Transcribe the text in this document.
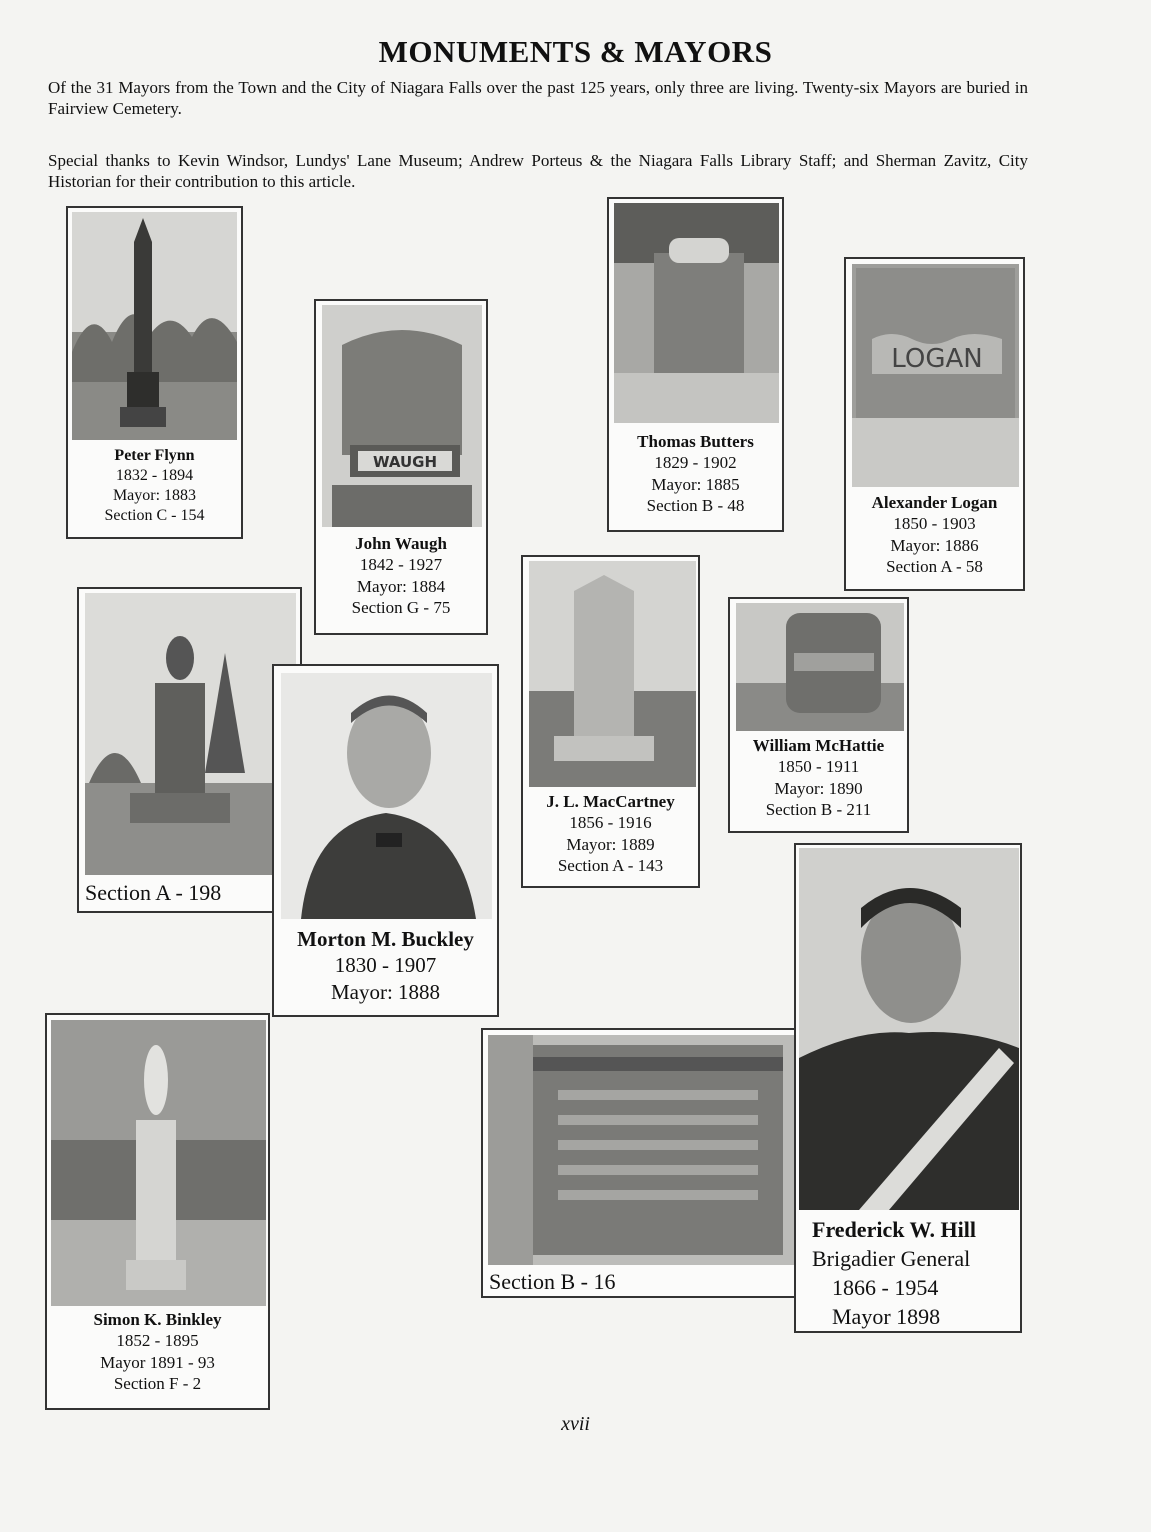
MONUMENTS & MAYORS
Of the 31 Mayors from the Town and the City of Niagara Falls over the past 125 years, only three are living. Twenty-six Mayors are buried in Fairview Cemetery.
Special thanks to Kevin Windsor, Lundys' Lane Museum; Andrew Porteus & the Niagara Falls Library Staff; and Sherman Zavitz, City Historian for their contribution to this article.
Peter Flynn
1832 - 1894
Mayor: 1883
Section C - 154
WAUGH
John Waugh
1842 - 1927
Mayor: 1884
Section G - 75
Thomas Butters
1829 - 1902
Mayor: 1885
Section B - 48
LOGAN
Alexander Logan
1850 - 1903
Mayor: 1886
Section A - 58
Section A - 198
Morton M. Buckley
1830 - 1907
Mayor: 1888
J. L. MacCartney
1856 - 1916
Mayor: 1889
Section A - 143
William McHattie
1850 - 1911
Mayor: 1890
Section B - 211
Simon K. Binkley
1852 - 1895
Mayor 1891 - 93
Section F - 2
Section B - 16
Frederick W. Hill
Brigadier General
1866 - 1954
Mayor 1898
xvii
